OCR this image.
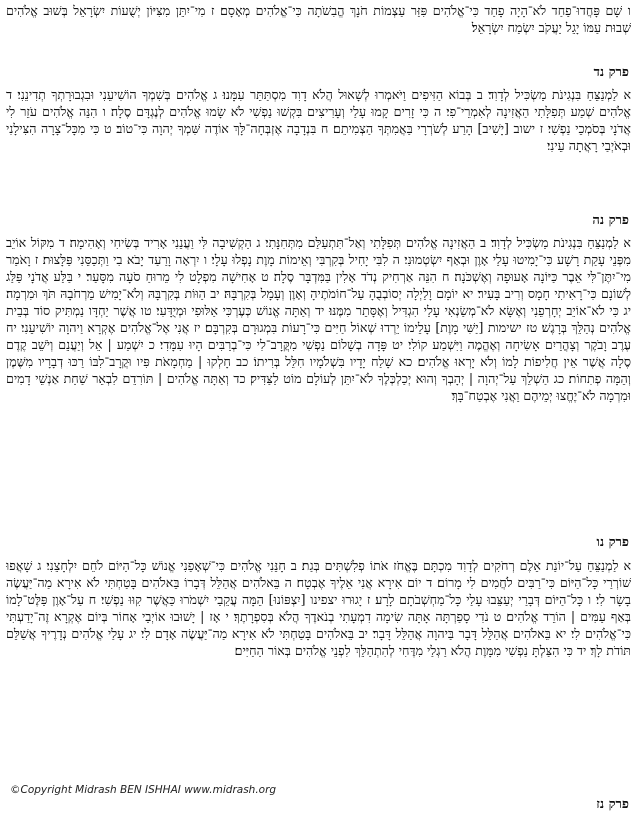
ו שָׁם פָּחֲדוּ־פַחַד לֹא־הָיָה פָחַד כִּי־אֱלֹהִים פִּזַּר עַצְמוֹת חֹנָךְ הֱבִשֹׁתָה כִּי־אֱלֹהִים מְאָסָם׃ ז מִי־יִתֵּן מִצִּיּוֹן יְשֻׁעוֹת יִשְׂרָאֵל בְּשׁוּב אֱלֹהִים שְׁבוּת עַמּוֹ יָגֵל יַעֲקֹב יִשְׂמַח יִשְׂרָאֵל׃

פרק נד

א לַמְנַצֵּחַ בִּנְגִינֹת מַשְׂכִּיל לְדָוִד׃ ב בְּבוֹא הַזִּיפִים וַיֹּאמְרוּ לְשָׁאוּל הֲלֹא דָוִד מִסְתַּתֵּר עִמָּנוּ׃ ג אֱלֹהִים בְּשִׁמְךָ הוֹשִׁיעֵנִי וּבִגְבוּרָתְךָ תְדִינֵנִי׃ ד אֱלֹהִים שְׁמַע תְּפִלָּתִי הַאֲזִינָה לְאִמְרֵי־פִי׃ ה כִּי זָרִים קָמוּ עָלַי וְעָרִיצִים בִּקְשׁוּ נַפְשִׁי לֹא שָׂמוּ אֱלֹהִים לְנֶגְדָּם סֶלָה׃ ו הִנֵּה אֱלֹהִים עֹזֵר לִי אֲדֹנָי בְּסֹמְכֵי נַפְשִׁי׃ ז ישוב [יָשִׁיב] הָרַע לְשֹׁרְרָי בַּאֲמִתְּךָ הַצְמִיתֵם׃ ח בִּנְדָבָה אֶזְבְּחָה־לָּךְ אוֹדֶה שִּׁמְךָ יְהוָה כִּי־טוֹב׃ ט כִּי מִכָּל־צָרָה הִצִּילָנִי וּבְאֹיְבַי רָאֲתָה עֵינִי׃

פרק נה

א לַמְנַצֵּחַ בִּנְגִינֹת מַשְׂכִּיל לְדָוִד׃ ב הַאֲזִינָה אֱלֹהִים תְּפִלָּתִי וְאַל־תִּתְעַלַּם מִתְּחִנָּתִי׃ ג הַקְשִׁיבָה לִּי וַעֲנֵנִי אָרִיד בְּשִׂיחִי וְאָהִימָה׃ ד מִקּוֹל אוֹיֵב מִפְּנֵי עָקַת רָשָׁע כִּי־יָמִיטוּ עָלַי אָוֶן וּבְאַף יִשְׂטְמוּנִי׃ ה לִבִּי יָחִיל בְּקִרְבִּי וְאֵימוֹת מָוֶת נָפְלוּ עָלָי׃ ו יִרְאָה וָרַעַד יָבֹא בִי וַתְּכַסֵּנִי פַּלָּצוּת׃ ז וָאֹמַר מִי־יִתֶּן־לִּי אֵבֶר כַּיּוֹנָה אָעוּפָה וְאֶשְׁכֹּנָה׃ ח הִנֵּה אַרְחִיק נְדֹד אָלִין בַּמִּדְבָּר סֶלָה׃ ט אָחִישָׁה מִפְלָט לִי מֵרוּחַ סֹעָה מִסָּעַר׃ י בַּלַּע אֲדֹנָי פַּלַּג לְשׁוֹנָם כִּי־רָאִיתִי חָמָס וְרִיב בָּעִיר׃ יא יוֹמָם וָלַיְלָה יְסוֹבְבֻהָ עַל־חוֹמֹתֶיהָ וְאָוֶן וְעָמָל בְּקִרְבָּהּ׃ יב הַוּוֹת בְּקִרְבָּהּ וְלֹא־יָמִישׁ מֵרְחֹבָהּ תֹּךְ וּמִרְמָה׃ יג כִּי לֹא־אוֹיֵב יְחָרְפֵנִי וְאֶשָּׂא לֹא־מְשַׂנְאִי עָלַי הִגְדִּיל וְאֶסָּתֵר מִמֶּנּוּ׃ יד וְאַתָּה אֱנוֹשׁ כְּעֶרְכִּי אַלּוּפִי וּמְיֻדָּעִי׃ טו אֲשֶׁר יַחְדָּו נַמְתִּיק סוֹד בְּבֵית אֱלֹהִים נְהַלֵּךְ בְּרָגֶשׁ׃ טז ישימות [יַשִּׁי מָוֶת] עָלֵימוֹ יֵרְדוּ שְׁאוֹל חַיִּים כִּי־רָעוֹת בִּמְגוּרָם בְּקִרְבָּם׃ יז אֲנִי אֶל־אֱלֹהִים אֶקְרָא וַיהוָה יוֹשִׁיעֵנִי׃ יח עֶרֶב וָבֹקֶר וְצָהֳרַיִם אָשִׂיחָה וְאֶהֱמֶה וַיִּשְׁמַע קוֹלִי׃ יט פָּדָה בְשָׁלוֹם נַפְשִׁי מִקֲּרָב־לִי כִּי־בְרַבִּים הָיוּ עִמָּדִי׃ כ יִשְׁמַע | אֵל וְיַעֲנֵם וְיֹשֵׁב קֶדֶם סֶלָה אֲשֶׁר אֵין חֲלִיפוֹת לָמוֹ וְלֹא יָרְאוּ אֱלֹהִים׃ כא שָׁלַח יָדָיו בִּשְׁלֹמָיו חִלֵּל בְּרִיתוֹ׃ כב חָלְקוּ | מַחְמָאֹת פִּיו וּקֲרָב־לִבּוֹ רַכּוּ דְבָרָיו מִשֶּׁמֶן וְהֵמָּה פְתִחוֹת׃ כג הַשְׁלֵךְ עַל־יְהוָה | יְהָבְךָ וְהוּא יְכַלְכְּלֶךָ לֹא־יִתֵּן לְעוֹלָם מוֹט לַצַּדִּיק׃ כד וְאַתָּה אֱלֹהִים | תּוֹרִדֵם לִבְאֵר שַׁחַת אַנְשֵׁי דָמִים וּמִרְמָה לֹא־יֶחֱצוּ יְמֵיהֶם וַאֲנִי אֶבְטַח־בָּךְ׃

פרק נו

א לַמְנַצֵּחַ עַל־יוֹנַת אֵלֶם רְחֹקִים לְדָוִד מִכְתָּם בֶּאֱחֹז אֹתוֹ פְלִשְׁתִּים בְּגַת׃ ב חָנֵּנִי אֱלֹהִים כִּי־שְׁאָפַנִי אֱנוֹשׁ כָּל־הַיּוֹם לֹחֵם יִלְחָצֵנִי׃ ג שָׁאֲפוּ שׁוֹרְרַי כָּל־הַיּוֹם כִּי־רַבִּים לֹחֲמִים לִי מָרוֹם׃ ד יוֹם אִירָא אֲנִי אֵלֶיךָ אֶבְטָח׃ ה בֵּאלֹהִים אֲהַלֵּל דְּבָרוֹ בֵּאלֹהִים בָּטַחְתִּי לֹא אִירָא מַה־יַּעֲשֶׂה בָשָׂר לִי׃ ו כָּל־הַיּוֹם דְּבָרַי יְעַצֵּבוּ עָלַי כָּל־מַחְשְׁבֹתָם לָרָע׃ ז יָגוּרוּ יצפינו [יִצְפּוֹנוּ] הֵמָּה עֲקֵבַי יִשְׁמֹרוּ כַּאֲשֶׁר קִוּוּ נַפְשִׁי׃ ח עַל־אָוֶן פַּלֶּט־לָמוֹ בְּאַף עַמִּים | הוֹרֵד אֱלֹהִים׃ ט נֹדִי סָפַרְתָּה אָתָּה שִׂימָה דִמְעָתִי בְנֹאדֶךָ הֲלֹא בְּסִפְרָתֶךָ׃ י אָז | יָשׁוּבוּ אוֹיְבַי אָחוֹר בְּיוֹם אֶקְרָא זֶה־יָדַעְתִּי כִּי־אֱלֹהִים לִי׃ יא בֵּאלֹהִים אֲהַלֵּל דָּבָר בַּיהוָה אֲהַלֵּל דָּבָר׃ יב בֵּאלֹהִים בָּטַחְתִּי לֹא אִירָא מַה־יַּעֲשֶׂה אָדָם לִי׃ יג עָלַי אֱלֹהִים נְדָרֶיךָ אֲשַׁלֵּם תּוֹדֹת לָךְ׃ יד כִּי הִצַּלְתָּ נַפְשִׁי מִמָּוֶת הֲלֹא רַגְלַי מִדֶּחִי לְהִתְהַלֵּךְ לִפְנֵי אֱלֹהִים בְּאוֹר הַחַיִּים׃

©Copyright Midrash BEN ISHHAI www.midrash.org
פרק נז
